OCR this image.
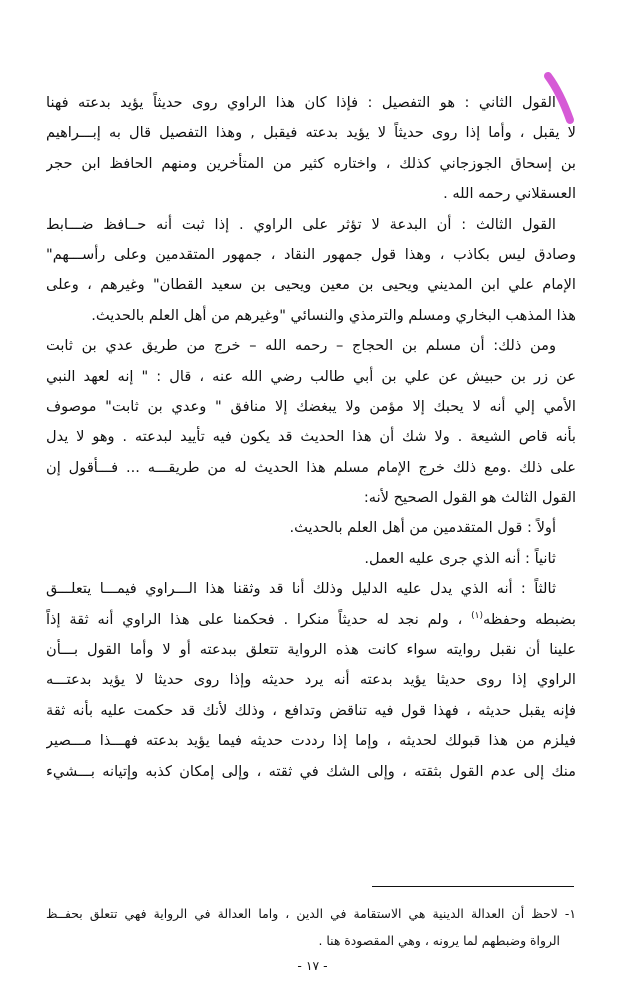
القول الثاني : هو التفصيل : فإذا كان هذا الراوي روى حديثاً يؤيد بدعته فهنا
لا يقبل ، وأما إذا روى حديثاً لا يؤيد بدعته فيقبل , وهذا التفصيل قال به إبـــراهيم
بن إسحاق الجوزجاني كذلك ، واختاره كثير من المتأخرين ومنهم الحافظ ابن حجر
العسقلاني رحمه الله .
القول الثالث : أن البدعة لا تؤثر على الراوي . إذا ثبت أنه حــافظ ضـــابط
وصادق ليس بكاذب ، وهذا قول جمهور النقاد ، جمهور المتقدمين وعلى رأســـهم"
الإمام علي ابن المديني ويحيى بن معين ويحيى بن سعيد القطان" وغيرهم ، وعلى
هذا المذهب البخاري ومسلم والترمذي والنسائي "وغيرهم من أهل العلم بالحديث.
ومن ذلك: أن مسلم بن الحجاج – رحمه الله – خرج من طريق عدي بن ثابت
عن زر بن حبيش عن علي بن أبي طالب رضي الله عنه ، قال : " إنه لعهد النبي
الأمي إلي أنه لا يحبك إلا مؤمن ولا يبغضك إلا منافق " وعدي بن ثابت" موصوف
بأنه قاص الشيعة . ولا شك أن هذا الحديث قد يكون فيه تأييد لبدعته . وهو لا يدل
على ذلك .ومع ذلك خرج الإمام مسلم هذا الحديث له من طريقـــه ... فـــأقول إن
القول الثالث هو القول الصحيح لأنه:
أولاً : قول المتقدمين من أهل العلم بالحديث.
ثانياً : أنه الذي جرى عليه العمل.
ثالثاً : أنه الذي يدل عليه الدليل وذلك أنا قد وثقنا هذا الـــراوي فيمـــا يتعلـــق
بضبطه وحفظه$^{(١)}$ ، ولم نجد له حديثاً منكرا . فحكمنا على هذا الراوي أنه ثقة إذاً
علينا أن نقبل روايته سواء كانت هذه الرواية تتعلق ببدعته أو لا وأما القول بـــأن
الراوي إذا روى حديثا يؤيد بدعته أنه يرد حديثه وإذا روى حديثا لا يؤيد بدعتـــه
فإنه يقبل حديثه ، فهذا قول فيه تناقض وتدافع ، وذلك لأنك قد حكمت عليه بأنه ثقة
فيلزم من هذا قبولك لحديثه ، وإما إذا رددت حديثه فيما يؤيد بدعته فهـــذا مـــصير
منك إلى عدم القول بثقته ، وإلى الشك في ثقته ، وإلى إمكان كذبه وإتيانه بـــشيء
١- لاحظ أن العدالة الدينية هي الاستقامة في الدين ، واما العدالة في الرواية فهي تتعلق بحفــظ
الرواة وضبطهم لما يرونه ، وهي المقصودة هنا .
- ١٧ -
